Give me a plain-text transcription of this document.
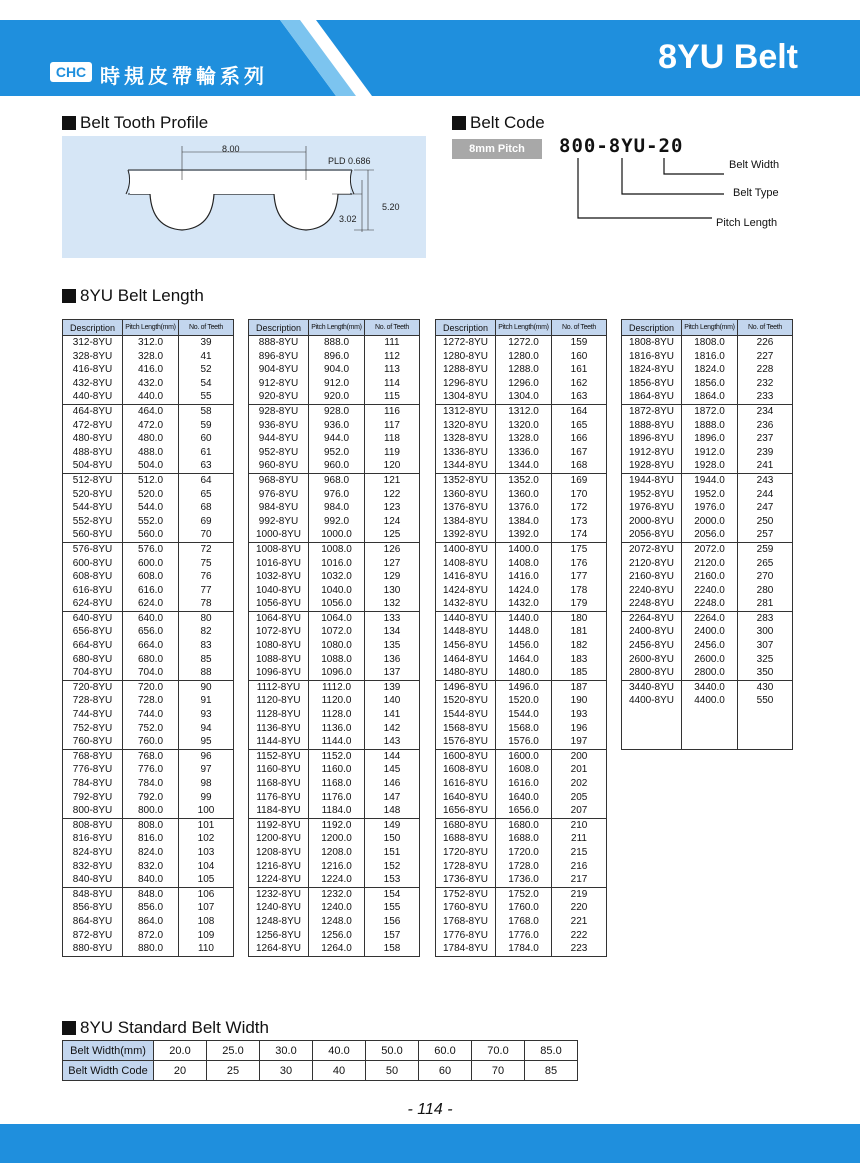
CHC 時規皮帶輪系列	8YU Belt
Belt Tooth Profile
8.00
PLD 0.686
5.20
3.02
Belt Code
8mm Pitch	800-8YU-20
Belt Width
Belt Type
Pitch Length
8YU Belt Length
Description	Pitch Length(mm)	No. of Teeth
312-8YU	312.0	39
328-8YU	328.0	41
416-8YU	416.0	52
432-8YU	432.0	54
440-8YU	440.0	55
464-8YU	464.0	58
472-8YU	472.0	59
480-8YU	480.0	60
488-8YU	488.0	61
504-8YU	504.0	63
512-8YU	512.0	64
520-8YU	520.0	65
544-8YU	544.0	68
552-8YU	552.0	69
560-8YU	560.0	70
576-8YU	576.0	72
600-8YU	600.0	75
608-8YU	608.0	76
616-8YU	616.0	77
624-8YU	624.0	78
640-8YU	640.0	80
656-8YU	656.0	82
664-8YU	664.0	83
680-8YU	680.0	85
704-8YU	704.0	88
720-8YU	720.0	90
728-8YU	728.0	91
744-8YU	744.0	93
752-8YU	752.0	94
760-8YU	760.0	95
768-8YU	768.0	96
776-8YU	776.0	97
784-8YU	784.0	98
792-8YU	792.0	99
800-8YU	800.0	100
808-8YU	808.0	101
816-8YU	816.0	102
824-8YU	824.0	103
832-8YU	832.0	104
840-8YU	840.0	105
848-8YU	848.0	106
856-8YU	856.0	107
864-8YU	864.0	108
872-8YU	872.0	109
880-8YU	880.0	110
Description	Pitch Length(mm)	No. of Teeth
888-8YU	888.0	111
896-8YU	896.0	112
904-8YU	904.0	113
912-8YU	912.0	114
920-8YU	920.0	115
928-8YU	928.0	116
936-8YU	936.0	117
944-8YU	944.0	118
952-8YU	952.0	119
960-8YU	960.0	120
968-8YU	968.0	121
976-8YU	976.0	122
984-8YU	984.0	123
992-8YU	992.0	124
1000-8YU	1000.0	125
1008-8YU	1008.0	126
1016-8YU	1016.0	127
1032-8YU	1032.0	129
1040-8YU	1040.0	130
1056-8YU	1056.0	132
1064-8YU	1064.0	133
1072-8YU	1072.0	134
1080-8YU	1080.0	135
1088-8YU	1088.0	136
1096-8YU	1096.0	137
1112-8YU	1112.0	139
1120-8YU	1120.0	140
1128-8YU	1128.0	141
1136-8YU	1136.0	142
1144-8YU	1144.0	143
1152-8YU	1152.0	144
1160-8YU	1160.0	145
1168-8YU	1168.0	146
1176-8YU	1176.0	147
1184-8YU	1184.0	148
1192-8YU	1192.0	149
1200-8YU	1200.0	150
1208-8YU	1208.0	151
1216-8YU	1216.0	152
1224-8YU	1224.0	153
1232-8YU	1232.0	154
1240-8YU	1240.0	155
1248-8YU	1248.0	156
1256-8YU	1256.0	157
1264-8YU	1264.0	158
Description	Pitch Length(mm)	No. of Teeth
1272-8YU	1272.0	159
1280-8YU	1280.0	160
1288-8YU	1288.0	161
1296-8YU	1296.0	162
1304-8YU	1304.0	163
1312-8YU	1312.0	164
1320-8YU	1320.0	165
1328-8YU	1328.0	166
1336-8YU	1336.0	167
1344-8YU	1344.0	168
1352-8YU	1352.0	169
1360-8YU	1360.0	170
1376-8YU	1376.0	172
1384-8YU	1384.0	173
1392-8YU	1392.0	174
1400-8YU	1400.0	175
1408-8YU	1408.0	176
1416-8YU	1416.0	177
1424-8YU	1424.0	178
1432-8YU	1432.0	179
1440-8YU	1440.0	180
1448-8YU	1448.0	181
1456-8YU	1456.0	182
1464-8YU	1464.0	183
1480-8YU	1480.0	185
1496-8YU	1496.0	187
1520-8YU	1520.0	190
1544-8YU	1544.0	193
1568-8YU	1568.0	196
1576-8YU	1576.0	197
1600-8YU	1600.0	200
1608-8YU	1608.0	201
1616-8YU	1616.0	202
1640-8YU	1640.0	205
1656-8YU	1656.0	207
1680-8YU	1680.0	210
1688-8YU	1688.0	211
1720-8YU	1720.0	215
1728-8YU	1728.0	216
1736-8YU	1736.0	217
1752-8YU	1752.0	219
1760-8YU	1760.0	220
1768-8YU	1768.0	221
1776-8YU	1776.0	222
1784-8YU	1784.0	223
Description	Pitch Length(mm)	No. of Teeth
1808-8YU	1808.0	226
1816-8YU	1816.0	227
1824-8YU	1824.0	228
1856-8YU	1856.0	232
1864-8YU	1864.0	233
1872-8YU	1872.0	234
1888-8YU	1888.0	236
1896-8YU	1896.0	237
1912-8YU	1912.0	239
1928-8YU	1928.0	241
1944-8YU	1944.0	243
1952-8YU	1952.0	244
1976-8YU	1976.0	247
2000-8YU	2000.0	250
2056-8YU	2056.0	257
2072-8YU	2072.0	259
2120-8YU	2120.0	265
2160-8YU	2160.0	270
2240-8YU	2240.0	280
2248-8YU	2248.0	281
2264-8YU	2264.0	283
2400-8YU	2400.0	300
2456-8YU	2456.0	307
2600-8YU	2600.0	325
2800-8YU	2800.0	350
3440-8YU	3440.0	430
4400-8YU	4400.0	550

8YU Standard Belt Width
Belt Width(mm)	20.0	25.0	30.0	40.0	50.0	60.0	70.0	85.0
Belt Width Code	20	25	30	40	50	60	70	85
- 114 -
